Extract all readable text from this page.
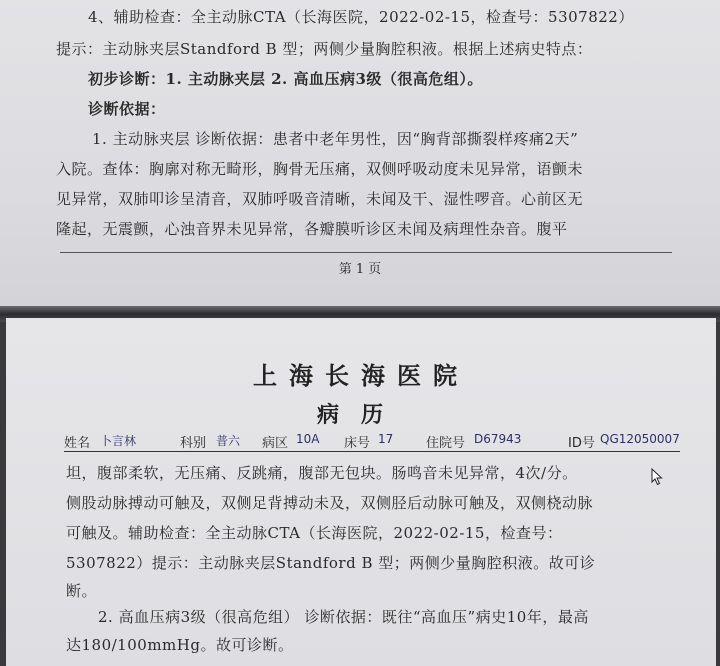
4、辅助检查：全主动脉CTA（长海医院，2022-02-15，检查号：5307822）
提示：主动脉夹层Standford B 型；两侧少量胸腔积液。根据上述病史特点：
初步诊断：1. 主动脉夹层 2. 高血压病3级（很高危组）。
诊断依据：
1. 主动脉夹层 诊断依据：患者中老年男性，因“胸背部撕裂样疼痛2天”
入院。查体：胸廓对称无畸形，胸骨无压痛，双侧呼吸动度未见异常，语颤未
见异常，双肺叩诊呈清音，双肺呼吸音清晰，未闻及干、湿性啰音。心前区无
隆起，无震颤，心浊音界未见异常，各瓣膜听诊区未闻及病理性杂音。腹平
第 1 页
上海长海医院
病历
姓名 卜言林	科别 普六 病区 10A 床号 17	住院号 D67943	ID号 QG12050007
坦，腹部柔软，无压痛、反跳痛，腹部无包块。肠鸣音未见异常，4次/分。
侧股动脉搏动可触及，双侧足背搏动未及，双侧胫后动脉可触及，双侧桡动脉
可触及。辅助检查：全主动脉CTA（长海医院，2022-02-15，检查号：
5307822）提示：主动脉夹层Standford B 型；两侧少量胸腔积液。故可诊
断。
2. 高血压病3级（很高危组） 诊断依据：既往“高血压”病史10年，最高
达180/100mmHg。故可诊断。
